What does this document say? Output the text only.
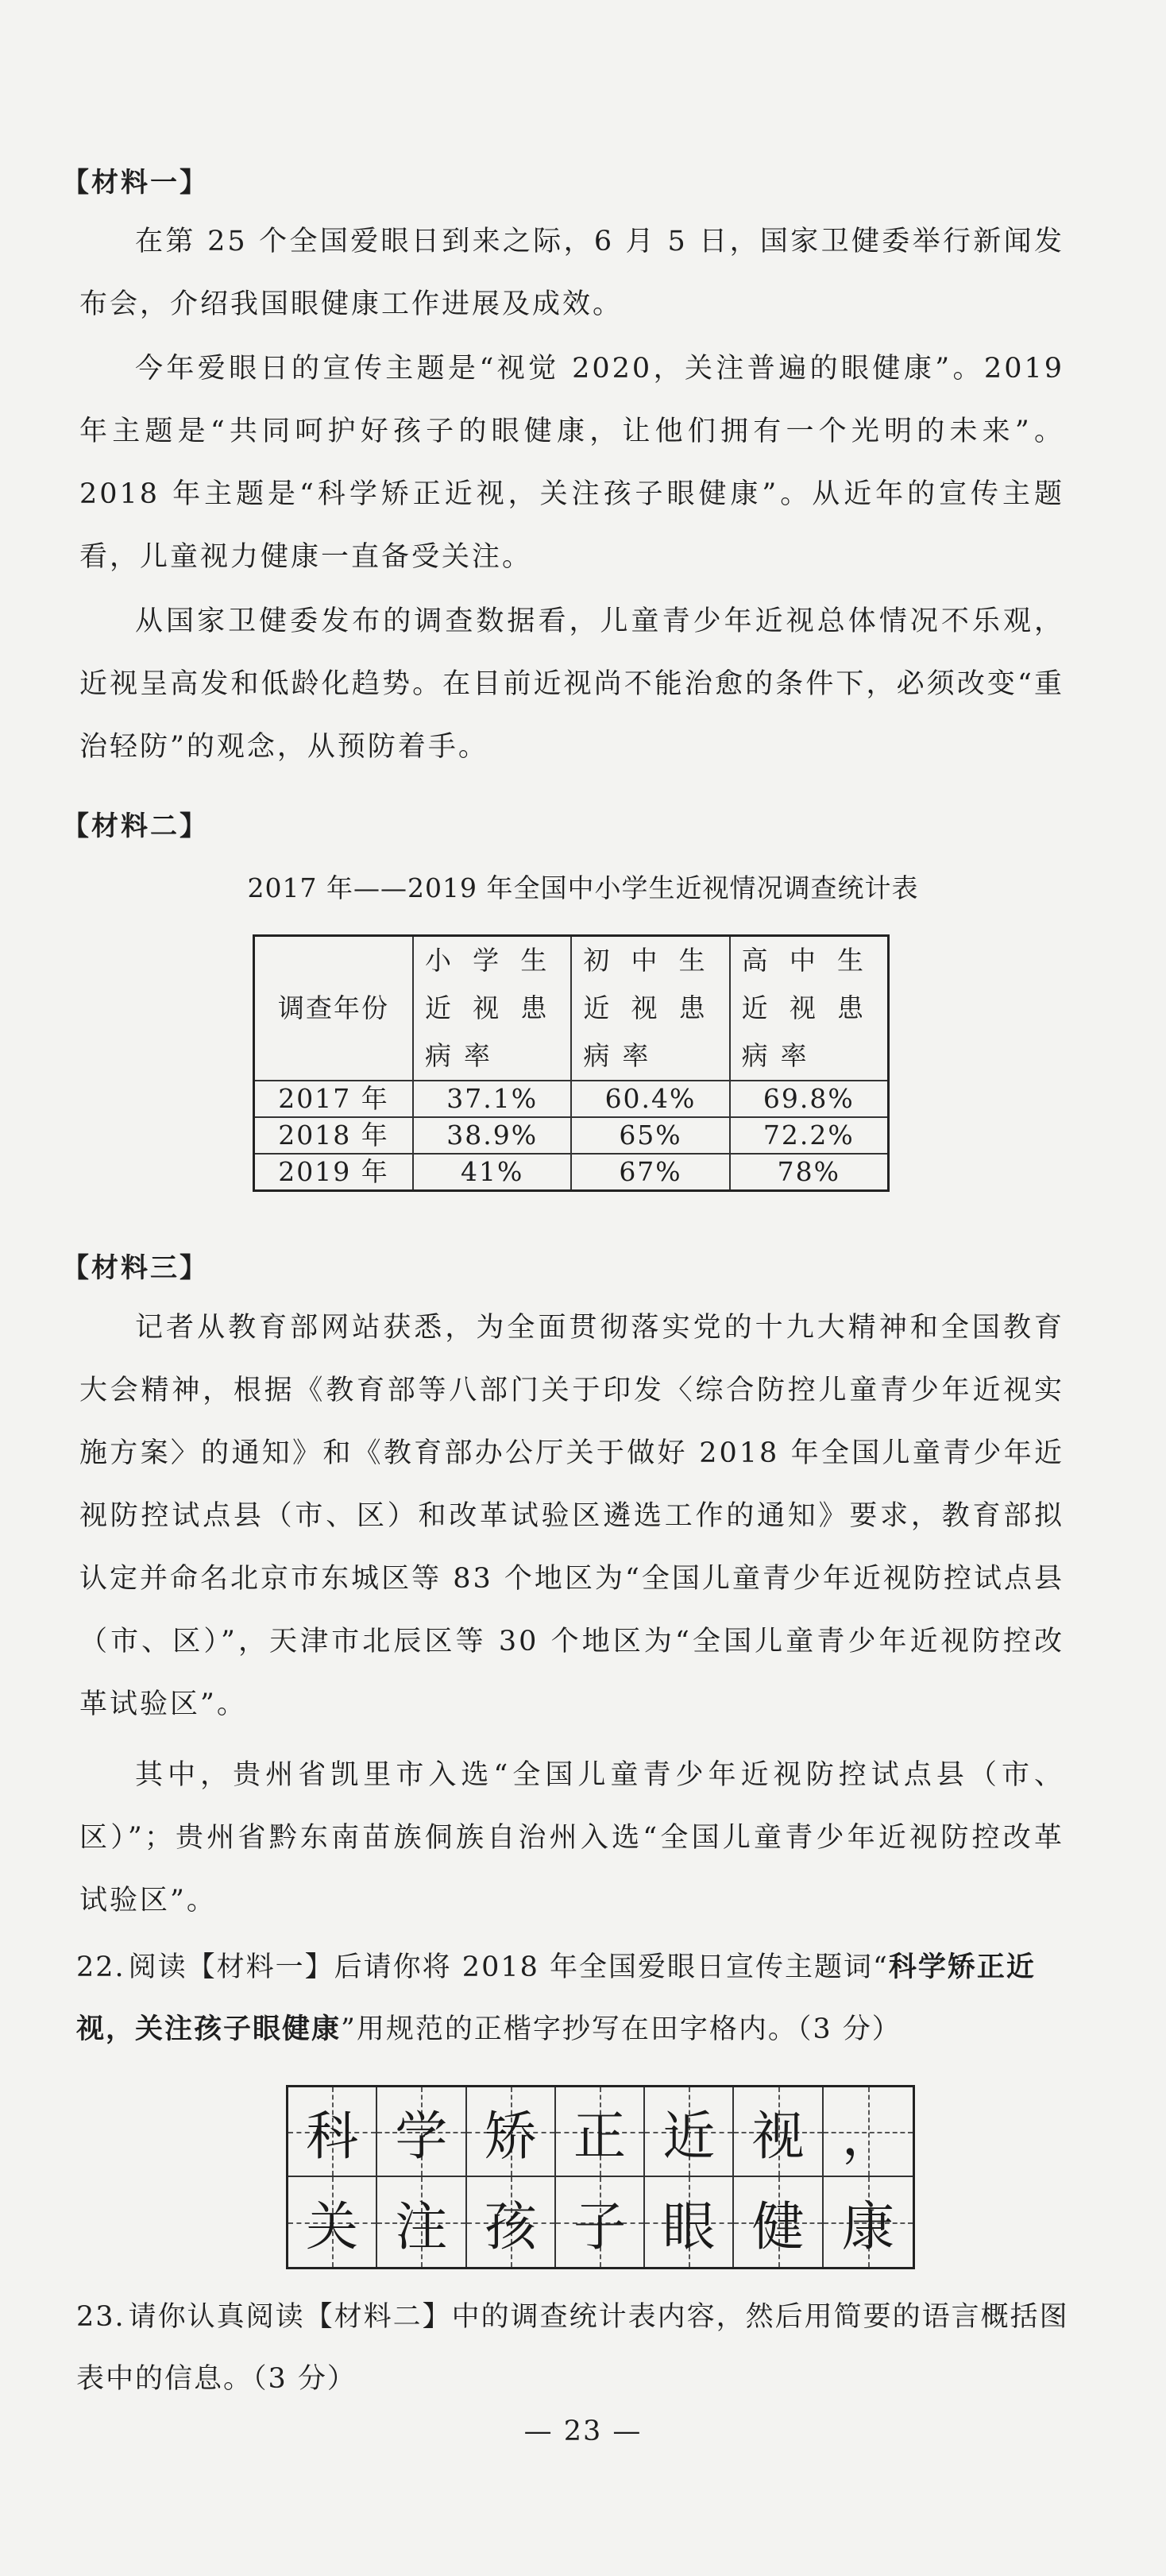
【材料一】

在第 25 个全国爱眼日到来之际，6 月 5 日，国家卫健委举行新闻发布会，介绍我国眼健康工作进展及成效。

今年爱眼日的宣传主题是“视觉 2020，关注普遍的眼健康”。2019 年主题是“共同呵护好孩子的眼健康，让他们拥有一个光明的未来”。2018 年主题是“科学矫正近视，关注孩子眼健康”。从近年的宣传主题看，儿童视力健康一直备受关注。

从国家卫健委发布的调查数据看，儿童青少年近视总体情况不乐观，近视呈高发和低龄化趋势。在目前近视尚不能治愈的条件下，必须改变“重治轻防”的观念，从预防着手。

【材料二】
2017 年——2019 年全国中小学生近视情况调查统计表
调查年份	小学生近视患病率	初中生近视患病率	高中生近视患病率
2017 年	37.1%	60.4%	69.8%
2018 年	38.9%	65%	72.2%
2019 年	41%	67%	78%
【材料三】

记者从教育部网站获悉，为全面贯彻落实党的十九大精神和全国教育大会精神，根据《教育部等八部门关于印发〈综合防控儿童青少年近视实施方案〉的通知》和《教育部办公厅关于做好 2018 年全国儿童青少年近视防控试点县（市、区）和改革试验区遴选工作的通知》要求，教育部拟认定并命名北京市东城区等 83 个地区为“全国儿童青少年近视防控试点县（市、区）”，天津市北辰区等 30 个地区为“全国儿童青少年近视防控改革试验区”。

其中，贵州省凯里市入选“全国儿童青少年近视防控试点县（市、区）”；贵州省黔东南苗族侗族自治州入选“全国儿童青少年近视防控改革试验区”。

22. 阅读【材料一】后请你将 2018 年全国爱眼日宣传主题词“科学矫正近视，关注孩子眼健康”用规范的正楷字抄写在田字格内。（3 分）

科 学 矫 正 近 视 ，
关 注 孩 子 眼 健 康

23. 请你认真阅读【材料二】中的调查统计表内容，然后用简要的语言概括图表中的信息。（3 分）

— 23 —
